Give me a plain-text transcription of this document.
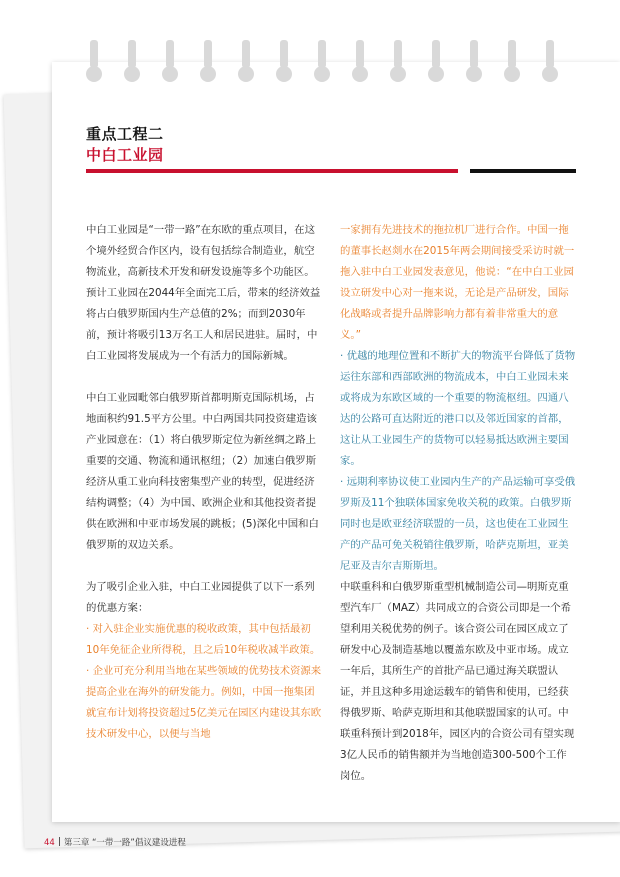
重点工程二
中白工业园

中白工业园是“一带一路”在东欧的重点项目，在这个境外经贸合作区内，设有包括综合制造业，航空物流业，高新技术开发和研发设施等多个功能区。预计工业园在2044年全面完工后，带来的经济效益将占白俄罗斯国内生产总值的2%；而到2030年前，预计将吸引13万名工人和居民进驻。届时，中白工业园将发展成为一个有活力的国际新城。

中白工业园毗邻白俄罗斯首都明斯克国际机场，占地面积约91.5平方公里。中白两国共同投资建造该产业园意在：（1）将白俄罗斯定位为新丝绸之路上重要的交通、物流和通讯枢纽；（2）加速白俄罗斯经济从重工业向科技密集型产业的转型，促进经济结构调整；（4）为中国、欧洲企业和其他投资者提供在欧洲和中亚市场发展的跳板；(5)深化中国和白俄罗斯的双边关系。

为了吸引企业入驻，中白工业园提供了以下一系列的优惠方案：

· 对入驻企业实施优惠的税收政策，其中包括最初10年免征企业所得税，且之后10年税收减半政策。

· 企业可充分利用当地在某些领域的优势技术资源来提高企业在海外的研发能力。例如，中国一拖集团就宣布计划将投资超过5亿美元在园区内建设其东欧技术研发中心，以便与当地

一家拥有先进技术的拖拉机厂进行合作。中国一拖的董事长赵剡水在2015年两会期间接受采访时就一拖入驻中白工业园发表意见，他说：“在中白工业园设立研发中心对一拖来说，无论是产品研发，国际化战略或者提升品牌影响力都有着非常重大的意义。”

· 优越的地理位置和不断扩大的物流平台降低了货物运往东部和西部欧洲的物流成本，中白工业园未来或将成为东欧区域的一个重要的物流枢纽。四通八达的公路可直达附近的港口以及邻近国家的首都，这让从工业园生产的货物可以轻易抵达欧洲主要国家。

· 远期利率协议使工业园内生产的产品运输可享受俄罗斯及11个独联体国家免收关税的政策。白俄罗斯同时也是欧亚经济联盟的一员，这也使在工业园生产的产品可免关税销往俄罗斯，哈萨克斯坦，亚美尼亚及吉尔吉斯斯坦。

中联重科和白俄罗斯重型机械制造公司—明斯克重型汽车厂（MAZ）共同成立的合资公司即是一个希望利用关税优势的例子。该合资公司在园区成立了研发中心及制造基地以覆盖东欧及中亚市场。成立一年后，其所生产的首批产品已通过海关联盟认证，并且这种多用途运载车的销售和使用，已经获得俄罗斯、哈萨克斯坦和其他联盟国家的认可。中联重科预计到2018年，园区内的合资公司有望实现3亿人民币的销售额并为当地创造300-500个工作岗位。

44 第三章 “一带一路”倡议建设进程
